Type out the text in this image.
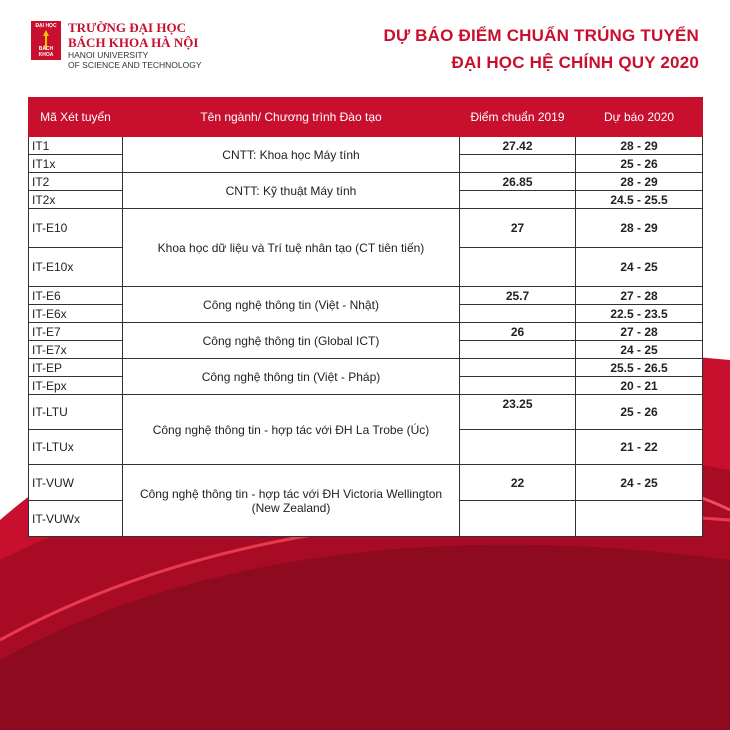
ĐẠI HỌC
BÁCH KHOA
TRƯỜNG ĐẠI HỌC
BÁCH KHOA HÀ NỘI
HANOI UNIVERSITY
OF SCIENCE AND TECHNOLOGY
DỰ BÁO ĐIỂM CHUẨN TRÚNG TUYỂN
ĐẠI HỌC HỆ CHÍNH QUY 2020
Mã Xét tuyển	Tên ngành/ Chương trình Đào tạo	Điểm chuẩn 2019	Dự báo 2020
IT1	CNTT: Khoa học Máy tính	27.42	28 - 29
IT1x			25 - 26
IT2	CNTT: Kỹ thuật Máy tính	26.85	28 - 29
IT2x			24.5 - 25.5
IT-E10	Khoa học dữ liệu và Trí tuệ nhân tạo (CT tiên tiến)	27	28 - 29
IT-E10x			24 - 25
IT-E6	Công nghệ thông tin (Việt - Nhật)	25.7	27 - 28
IT-E6x			22.5 - 23.5
IT-E7	Công nghệ thông tin (Global ICT)	26	27 - 28
IT-E7x			24 - 25
IT-EP	Công nghệ thông tin (Việt - Pháp)		25.5 - 26.5
IT-Epx			20 - 21
IT-LTU	Công nghệ thông tin - hợp tác với ĐH La Trobe (Úc)	23.25	25 - 26
IT-LTUx			21 - 22
IT-VUW	Công nghệ thông tin - hợp tác với ĐH Victoria Wellington (New Zealand)	22	24 - 25
IT-VUWx			
